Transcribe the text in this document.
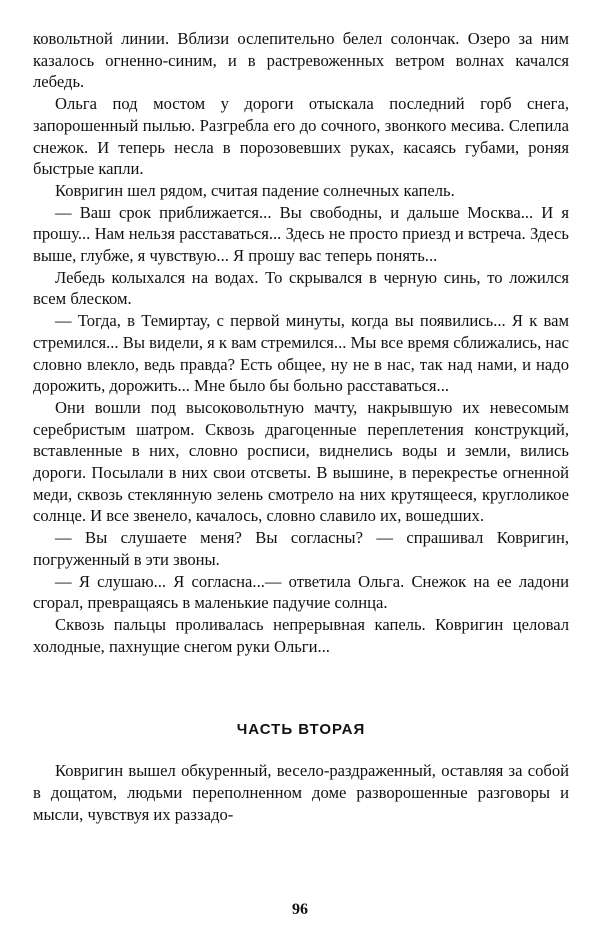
ковольтной линии. Вблизи ослепительно белел солончак. Озеро за ним казалось огненно-синим, и в растревоженных ветром волнах качался лебедь.

Ольга под мостом у дороги отыскала последний горб снега, запорошенный пылью. Разгребла его до сочного, звонкого месива. Слепила снежок. И теперь несла в порозовевших руках, касаясь губами, роняя быстрые капли.

Ковригин шел рядом, считая падение солнечных капель.

— Ваш срок приближается... Вы свободны, и дальше Москва... И я прошу... Нам нельзя расставаться... Здесь не просто приезд и встреча. Здесь выше, глубже, я чувствую... Я прошу вас теперь понять...

Лебедь колыхался на водах. То скрывался в черную синь, то ложился всем блеском.

— Тогда, в Темиртау, с первой минуты, когда вы появились... Я к вам стремился... Вы видели, я к вам стремился... Мы все время сближались, нас словно влекло, ведь правда? Есть общее, ну не в нас, так над нами, и надо дорожить, дорожить... Мне было бы больно расставаться...

Они вошли под высоковольтную мачту, накрывшую их невесомым серебристым шатром. Сквозь драгоценные переплетения конструкций, вставленные в них, словно росписи, виднелись воды и земли, вились дороги. Посылали в них свои отсветы. В вышине, в перекрестье огненной меди, сквозь стеклянную зелень смотрело на них крутящееся, круглоликое солнце. И все звенело, качалось, словно славило их, вошедших.

— Вы слушаете меня? Вы согласны? — спрашивал Ковригин, погруженный в эти звоны.

— Я слушаю... Я согласна...— ответила Ольга. Снежок на ее ладони сгорал, превращаясь в маленькие падучие солнца.

Сквозь пальцы проливалась непрерывная капель. Ковригин целовал холодные, пахнущие снегом руки Ольги...

ЧАСТЬ ВТОРАЯ

Ковригин вышел обкуренный, весело-раздраженный, оставляя за собой в дощатом, людьми переполненном доме разворошенные разговоры и мысли, чувствуя их раззадо-

96
